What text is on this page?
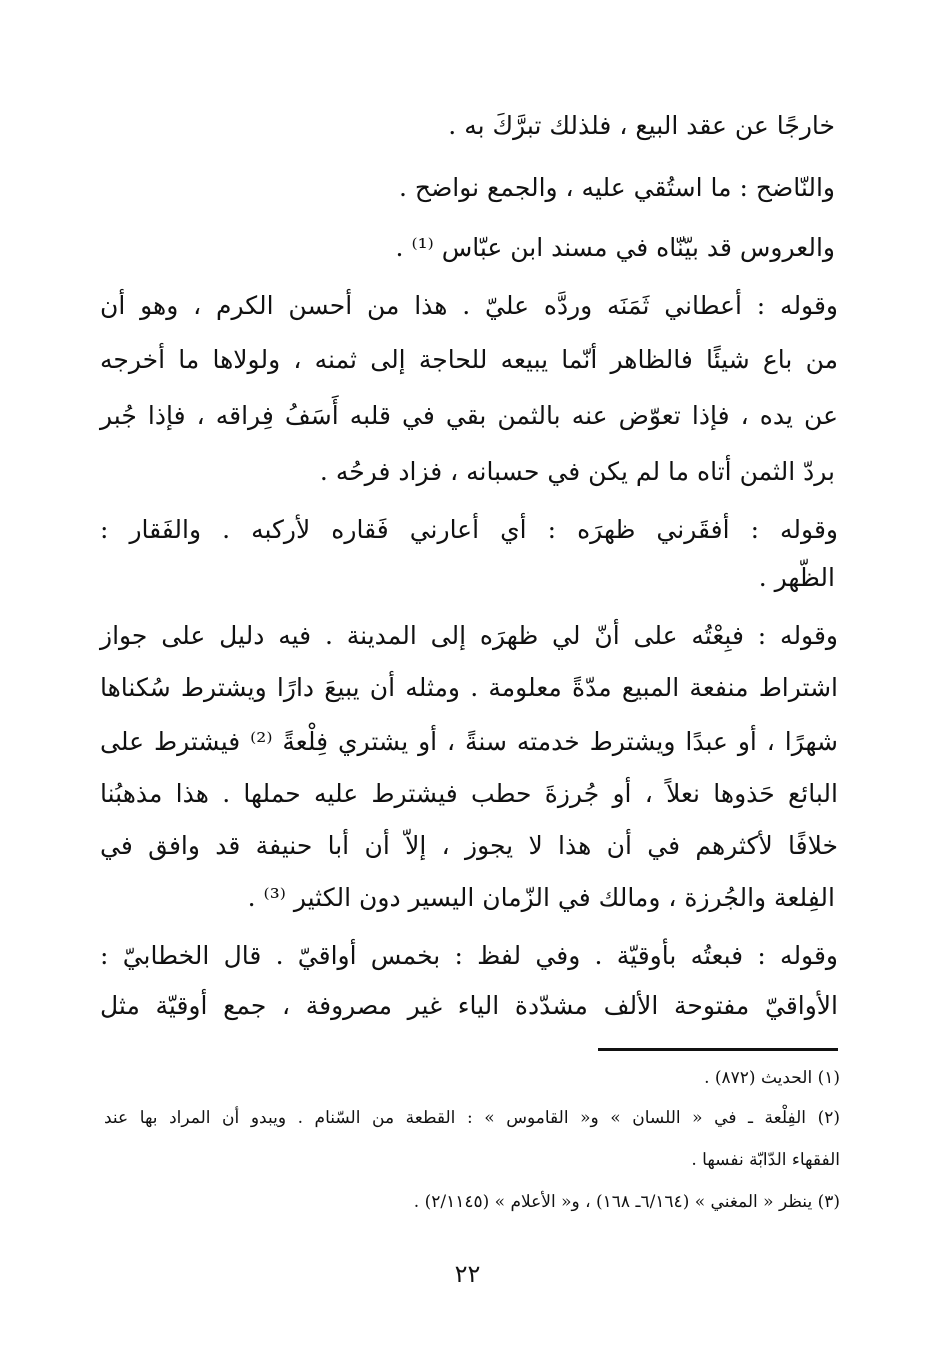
خارجًا عن عقد البيع ، فلذلك تبرَّكَ به .
والنّاضح : ما استُقي عليه ، والجمع نواضح .
والعروس قد بيّنّاه في مسند ابن عبّاس ⁽¹⁾ .
وقوله : أعطاني ثَمَنَه وردَّه عليّ . هذا من أحسن الكرم ، وهو أن
من باع شيئًا فالظاهر أنّما يبيعه للحاجة إلى ثمنه ، ولولاها ما أخرجه
عن يده ، فإذا تعوّض عنه بالثمن بقي في قلبه أَسَفُ فِراقه ، فإذا جُبر
بردّ الثمن أتاه ما لم يكن في حسبانه ، فزاد فرحُه .
وقوله : أفقَرني ظهرَه : أي أعارني فَقاره لأركبه . والفَقار :
الظّهر .
وقوله : فبِعْتُه على أنّ لي ظهرَه إلى المدينة . فيه دليل على جواز
اشتراط منفعة المبيع مدّةً معلومة . ومثله أن يبيعَ دارًا ويشترط سُكناها
شهرًا ، أو عبدًا ويشترط خدمته سنةً ، أو يشتري فِلْعةً ⁽²⁾ فيشترط على
البائع حَذوها نعلاً ، أو جُرزةَ حطب فيشترط عليه حملها . هذا مذهبُنا
خلافًا لأكثرهم في أن هذا لا يجوز ، إلاّ أن أبا حنيفة قد وافق في
الفِلعة والجُرزة ، ومالك في الزّمان اليسير دون الكثير ⁽³⁾ .
وقوله : فبعتُه بأوقيّة . وفي لفظ : بخمس أواقيّ . قال الخطابيّ :
الأواقيّ مفتوحة الألف مشدّدة الياء غير مصروفة ، جمع أوقيّة مثل
(١) الحديث (٨٧٢) .
(٢) الفِلْعة ـ في « اللسان » و« القاموس » : القطعة من السّنام . ويبدو أن المراد بها عند
الفقهاء الدّابّة نفسها .
(٣) ينظر « المغني » (٦/١٦٤ـ ١٦٨) ، و« الأعلام » (٢/١١٤٥) .
٢٢
